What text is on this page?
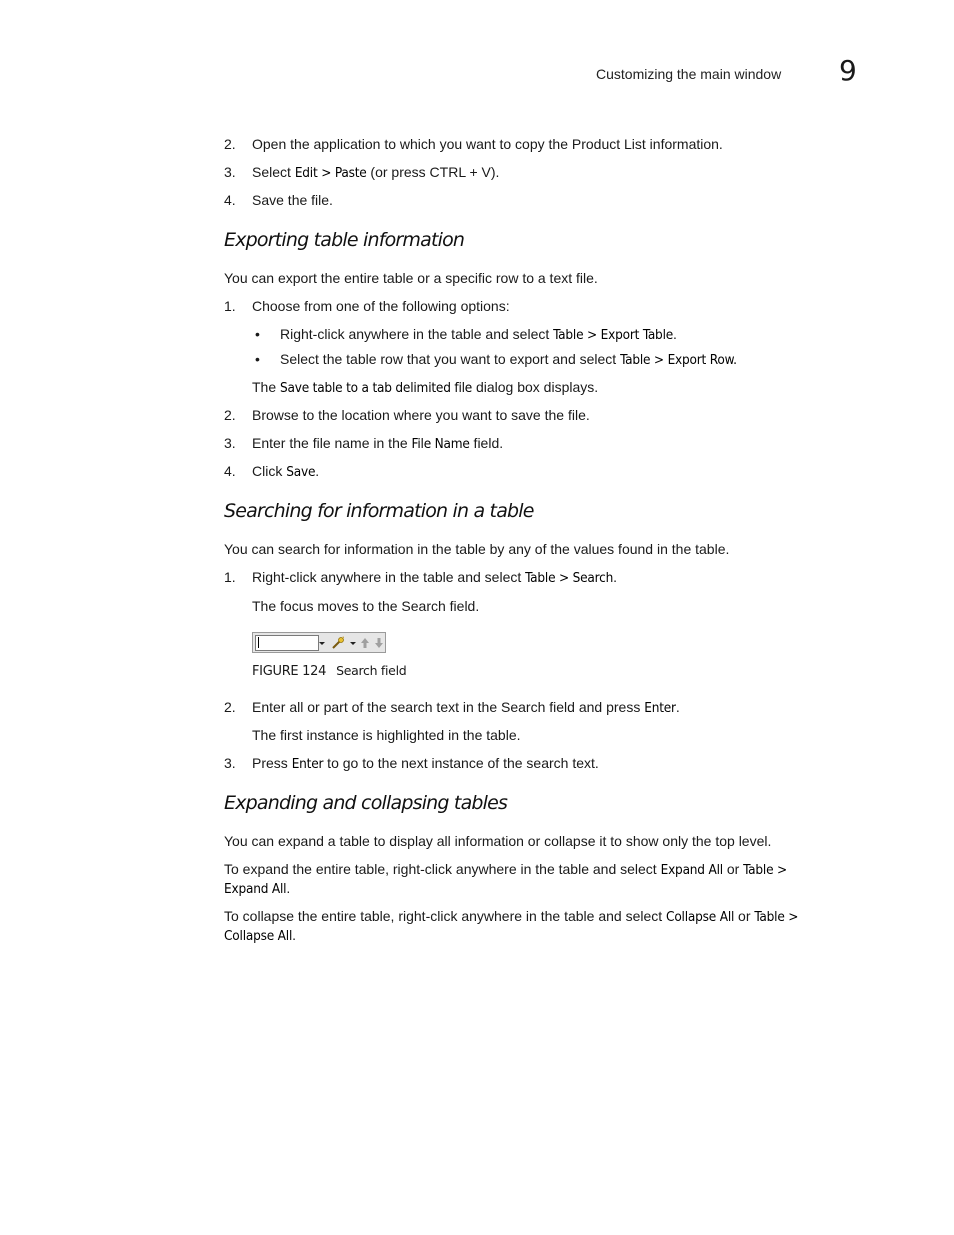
Customizing the main window 9
2.	Open the application to which you want to copy the Product List information.
3.	Select Edit > Paste (or press CTRL + V).
4.	Save the file.
Exporting table information
You can export the entire table or a specific row to a text file.
1.	Choose from one of the following options:
• Right-click anywhere in the table and select Table > Export Table.
• Select the table row that you want to export and select Table > Export Row.
The Save table to a tab delimited file dialog box displays.
2.	Browse to the location where you want to save the file.
3.	Enter the file name in the File Name field.
4.	Click Save.
Searching for information in a table
You can search for information in the table by any of the values found in the table.
1.	Right-click anywhere in the table and select Table > Search.
The focus moves to the Search field.
FIGURE 124 Search field
2.	Enter all or part of the search text in the Search field and press Enter.
The first instance is highlighted in the table.
3.	Press Enter to go to the next instance of the search text.
Expanding and collapsing tables
You can expand a table to display all information or collapse it to show only the top level.
To expand the entire table, right-click anywhere in the table and select Expand All or Table >
Expand All.
To collapse the entire table, right-click anywhere in the table and select Collapse All or Table >
Collapse All.
